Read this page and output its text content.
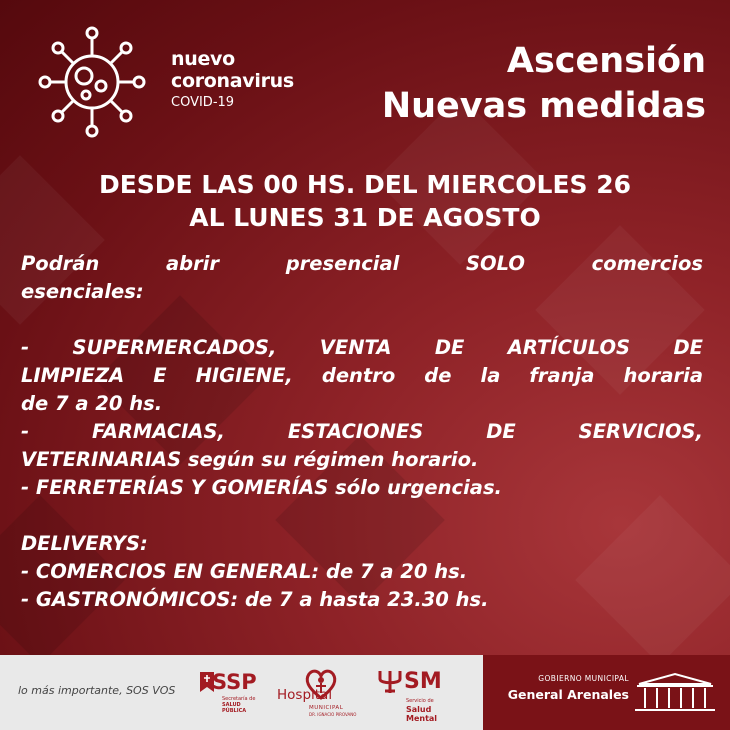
nuevo
coronavirus
COVID-19
Ascensión
Nuevas medidas
DESDE LAS 00 HS. DEL MIERCOLES 26
AL LUNES 31 DE AGOSTO

Podrán abrir presencial SOLO comercios

esenciales:

- SUPERMERCADOS, VENTA DE ARTÍCULOS DE

LIMPIEZA E HIGIENE, dentro de la franja horaria

de 7 a 20 hs.

- FARMACIAS, ESTACIONES DE SERVICIOS,

VETERINARIAS según su régimen horario.

- FERRETERÍAS Y GOMERÍAS sólo urgencias.

DELIVERYS:

- COMERCIOS EN GENERAL: de 7 a 20 hs.

- GASTRONÓMICOS: de 7 a hasta 23.30 hs.

lo más importante, SOS VOS SSP
Secretaría de
SALUD
PÚBLICA
Hospital
MUNICIPAL
DR. IGNACIO PIROVANO
SM
Servicio de
Salud Mental
GOBIERNO MUNICIPAL
General Arenales
